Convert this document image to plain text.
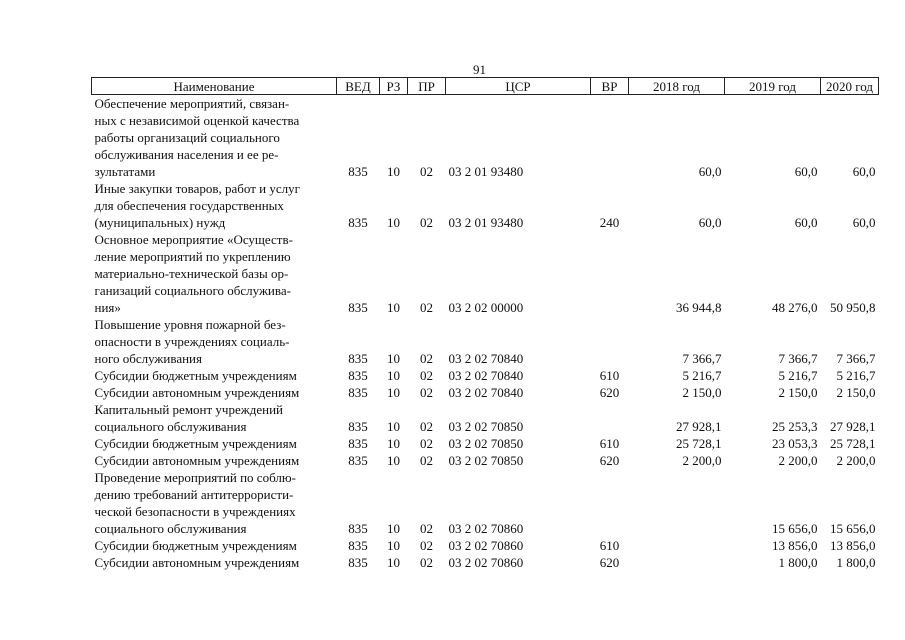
91
Наименование	ВЕД	РЗ	ПР	ЦСР	ВР	2018 год	2019 год	2020 год

Обеспечение мероприятий, связан-
ных с независимой оценкой качества
работы организаций социального
обслуживания населения и ее ре-
зультатами	835	10	02	03 2 01 93480		60,0	60,0	60,0

Иные закупки товаров, работ и услуг
для обеспечения государственных
(муниципальных) нужд	835	10	02	03 2 01 93480	240	60,0	60,0	60,0

Основное мероприятие «Осуществ-
ление мероприятий по укреплению
материально-технической базы ор-
ганизаций социального обслужива-
ния»	835	10	02	03 2 02 00000		36 944,8	48 276,0	50 950,8

Повышение уровня пожарной без-
опасности в учреждениях социаль-
ного обслуживания	835	10	02	03 2 02 70840		7 366,7	7 366,7	7 366,7

Субсидии бюджетным учреждениям	835	10	02	03 2 02 70840	610	5 216,7	5 216,7	5 216,7

Субсидии автономным учреждениям	835	10	02	03 2 02 70840	620	2 150,0	2 150,0	2 150,0

Капитальный ремонт учреждений
социального обслуживания	835	10	02	03 2 02 70850		27 928,1	25 253,3	27 928,1

Субсидии бюджетным учреждениям	835	10	02	03 2 02 70850	610	25 728,1	23 053,3	25 728,1

Субсидии автономным учреждениям	835	10	02	03 2 02 70850	620	2 200,0	2 200,0	2 200,0

Проведение мероприятий по соблю-
дению требований антитеррористи-
ческой безопасности в учреждениях
социального обслуживания	835	10	02	03 2 02 70860			15 656,0	15 656,0

Субсидии бюджетным учреждениям	835	10	02	03 2 02 70860	610		13 856,0	13 856,0

Субсидии автономным учреждениям	835	10	02	03 2 02 70860	620		1 800,0	1 800,0
